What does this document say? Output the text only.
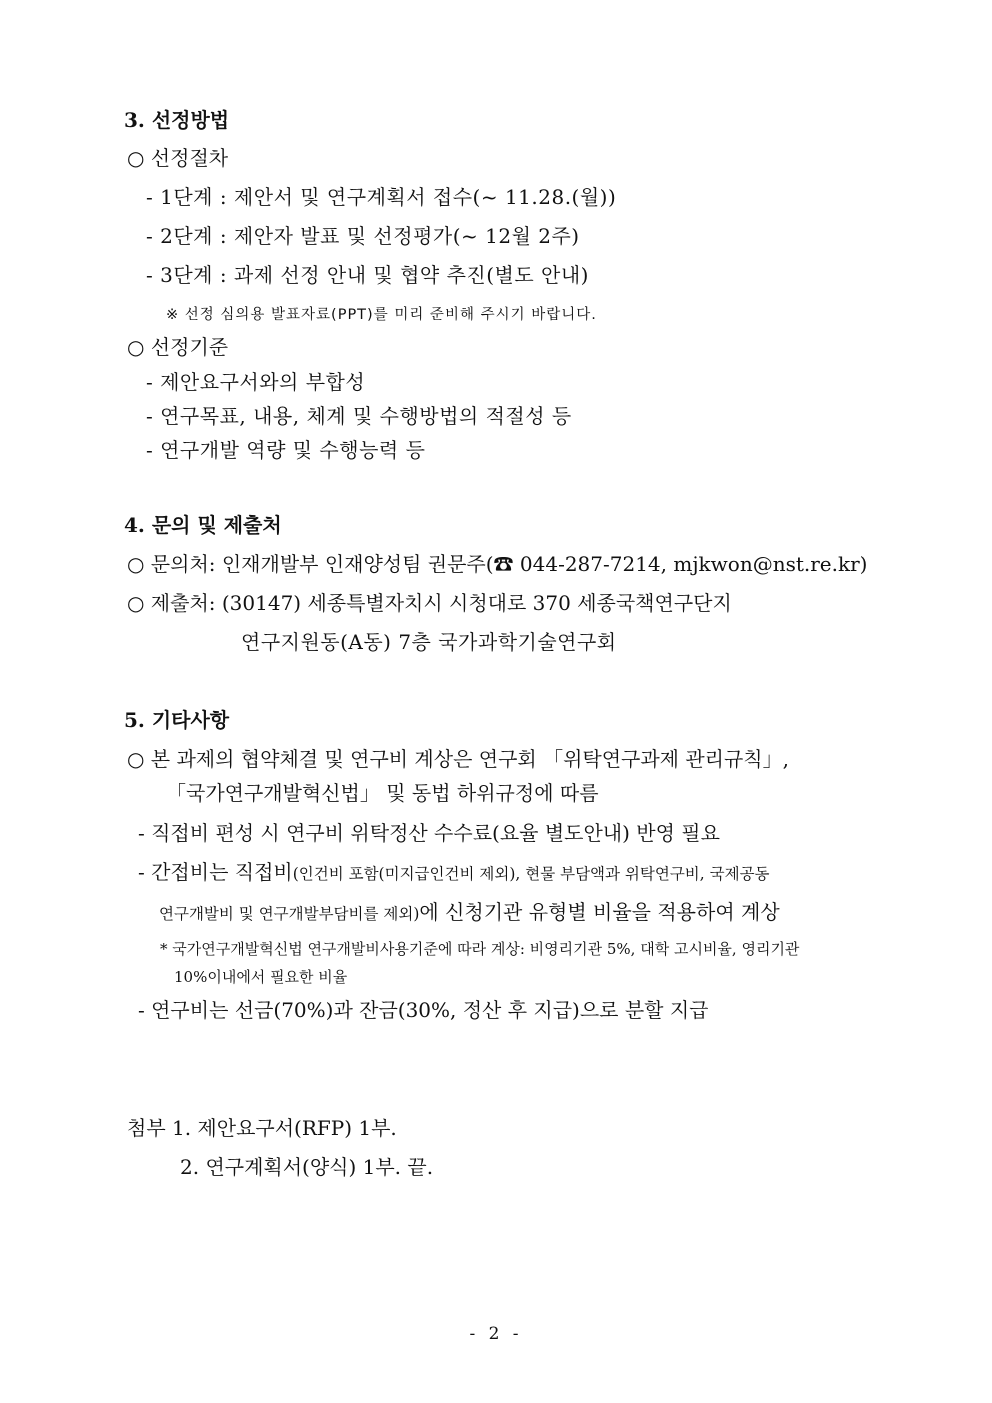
3. 선정방법
○ 선정절차
- 1단계 : 제안서 및 연구계획서 접수(~ 11.28.(월))
- 2단계 : 제안자 발표 및 선정평가(~ 12월 2주)
- 3단계 : 과제 선정 안내 및 협약 추진(별도 안내)
※ 선정 심의용 발표자료(PPT)를 미리 준비해 주시기 바랍니다.
○ 선정기준
- 제안요구서와의 부합성
- 연구목표, 내용, 체계 및 수행방법의 적절성 등
- 연구개발 역량 및 수행능력 등
4. 문의 및 제출처
○ 문의처: 인재개발부 인재양성팀 권문주(☎ 044-287-7214, mjkwon@nst.re.kr)
○ 제출처: (30147) 세종특별자치시 시청대로 370 세종국책연구단지
연구지원동(A동) 7층 국가과학기술연구회
5. 기타사항
○ 본 과제의 협약체결 및 연구비 계상은 연구회 「위탁연구과제 관리규칙」,
「국가연구개발혁신법」 및 동법 하위규정에 따름
- 직접비 편성 시 연구비 위탁정산 수수료(요율 별도안내) 반영 필요
- 간접비는 직접비(인건비 포함(미지급인건비 제외), 현물 부담액과 위탁연구비, 국제공동
연구개발비 및 연구개발부담비를 제외)에 신청기관 유형별 비율을 적용하여 계상
* 국가연구개발혁신법 연구개발비사용기준에 따라 계상: 비영리기관 5%, 대학 고시비율, 영리기관
10%이내에서 필요한 비율
- 연구비는 선금(70%)과 잔금(30%, 정산 후 지급)으로 분할 지급
첨부 1. 제안요구서(RFP) 1부.
2. 연구계획서(양식) 1부. 끝.
- 2 -
